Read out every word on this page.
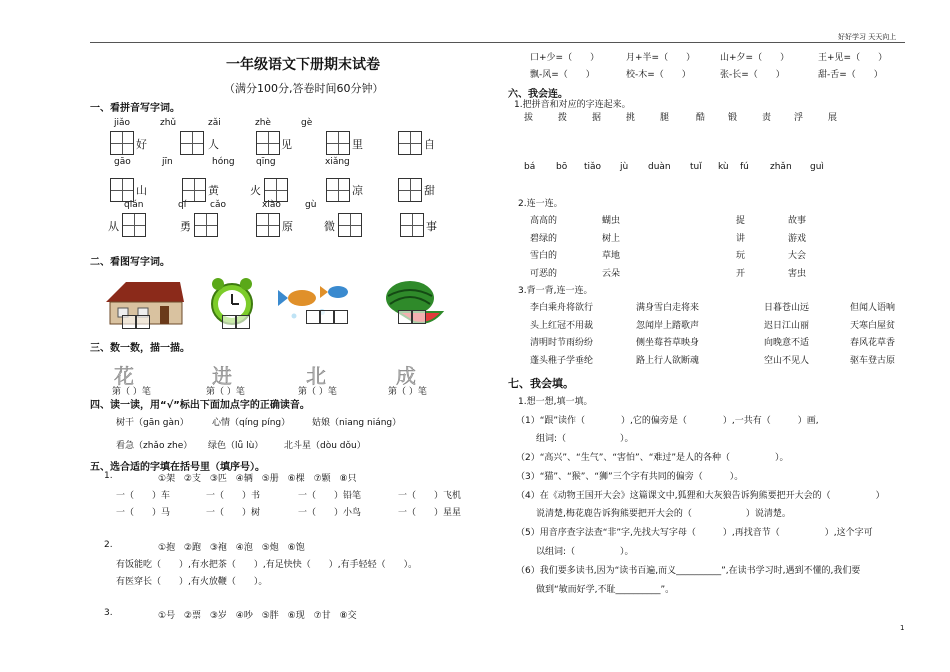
好好学习 天天向上
1
一年级语文下册期末试卷
（满分100分,答卷时间60分钟）
一、看拼音写字词。
jiǎo	zhǔ	zǎi	zhè	gè
好	人	见	里	自
gāo	jīn	hóng qīng	xiǎng
山	黄	火	凉	甜
qián	qí	cǎo	xiào	gù
从	勇	原	微	事
二、看图写字词。
三、数一数，描一描。
花	进	北	成
第（ ）笔	第（ ）笔	第（ ）笔	第（ ）笔
四、读一读，用“√”标出下面加点字的正确读音。
树干（gān gàn）	心情（qíng píng） 姑娘（niang niáng）
看急（zhǎo zhe） 绿色（lǚ lù） 北斗星（dòu dǒu）
五、选合适的字填在括号里（填序号）。
1.	①架 ②支 ③匹 ④辆 ⑤册 ⑥棵 ⑦颗 ⑧只
一（　　）车	一（　　）书	一（　　）铅笔	一（　　）飞机
一（　　）马	一（　　）树	一（　　）小鸟	一（　　）星星
2.	①抱 ②跑 ③袍 ④泡 ⑤炮 ⑥饱
有饭能吃（　　）,有水把茶（　　）,有足快快（　　）,有手轻轻（　　）。
有医穿长（　　）,有火放鞭（　　）。
3.	①号 ②票 ③岁 ④吵 ⑤胖 ⑥现 ⑦甘 ⑧交
口+少=（　　）	月+半=（　　）	山+夕=（　　）	王+见=（　　）
飘-风=（　　）	校-木=（　　）	张-长=（　　）	甜-舌=（　　）
六、我会连。
1.把拼音和对应的字连起来。
拔	拨	据	挑	腿	酷	锻	责	浮	展
bá bō tiǎo jù duàn tuǐ kù fú zhǎn guì
2.连一连。
高高的	蝴虫	捉	故事
碧绿的	树上	讲	游戏
雪白的	草地	玩	大会
可恶的	云朵	开	害虫
3.背一背,连一连。
李白乘舟将欲行	满身雪白走将来	日暮苍山远	但闻人语响
头上红冠不用裁	忽闻岸上踏歌声	迟日江山丽	天寒白屋贫
清明时节雨纷纷	侧坐莓苔草映身	向晚意不适	春风花草香
蓬头稚子学垂纶	路上行人欲断魂	空山不见人	驱车登古原
七、我会填。
1.想一想,填一填。
（1）“跟”读作（　　　　）,它的偏旁是（　　　　）,一共有（　　　）画,
组词:（　　　　　　）。
（2）“高兴”、“生气”、“害怕”、“难过”是人的各种（　　　　　）。
（3）“猫”、“猴”、“狮”三个字有共同的偏旁（　　　）。
（4）在《动物王国开大会》这篇课文中,狐狸和大灰狼告诉狗熊要把开大会的（　　　　　）
说清楚,梅花鹿告诉狗熊要把开大会的（　　　　　　）说清楚。
（5）用音序查字法查“非”字,先找大写字母（　　　）,再找音节（　　　　　）,这个字可
以组词:（　　　　　）。
（6）我们要多读书,因为“读书百遍,而义__________”,在读书学习时,遇到不懂的,我们要
做到“敏而好学,不耻__________”。
